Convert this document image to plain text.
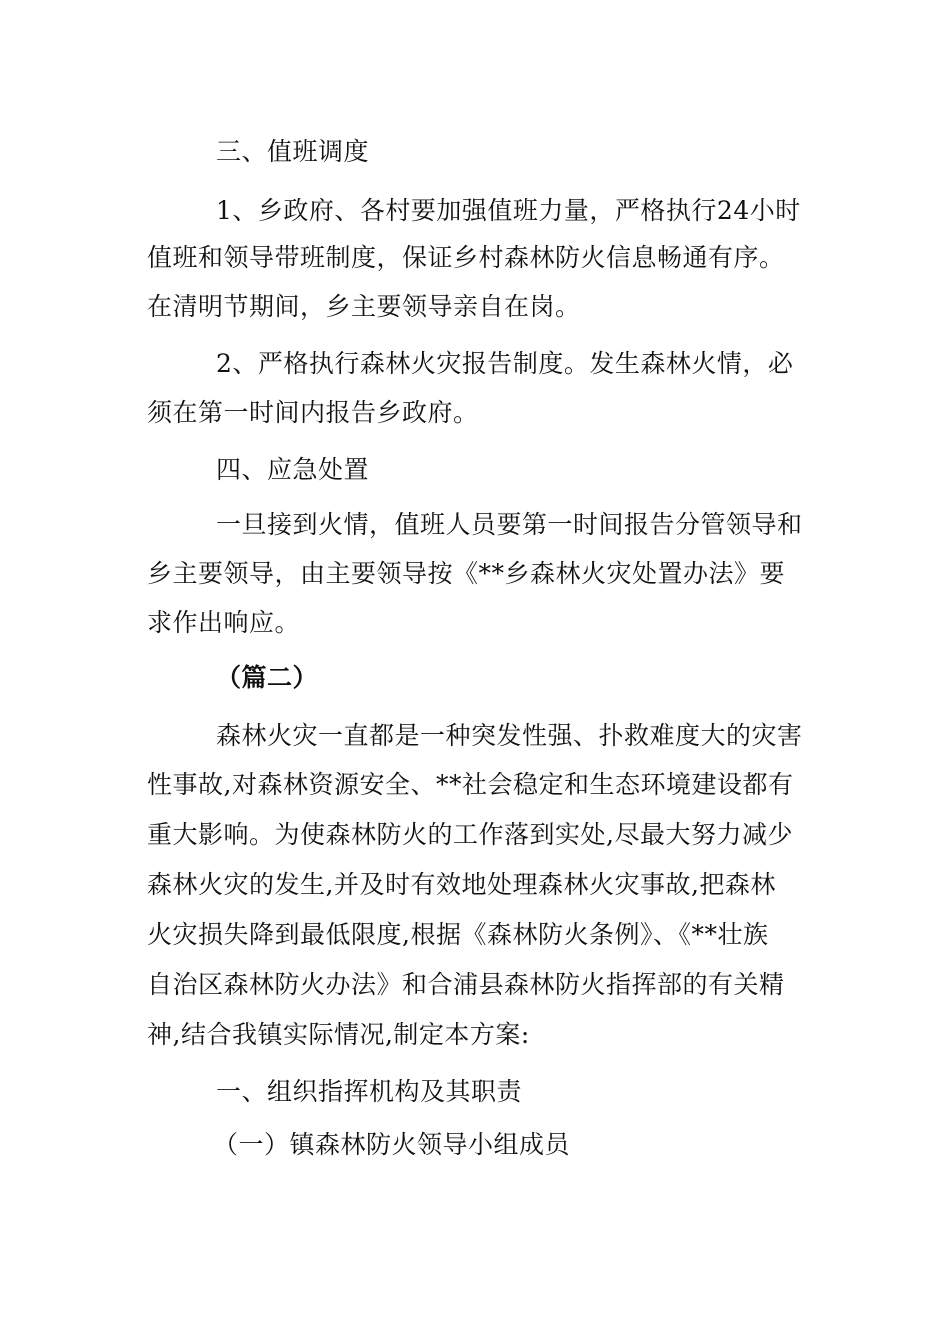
三、值班调度
1、乡政府、各村要加强值班力量，严格执行24小时
值班和领导带班制度，保证乡村森林防火信息畅通有序。
在清明节期间，乡主要领导亲自在岗。
2、严格执行森林火灾报告制度。发生森林火情，必
须在第一时间内报告乡政府。
四、应急处置
一旦接到火情，值班人员要第一时间报告分管领导和
乡主要领导，由主要领导按《**乡森林火灾处置办法》要
求作出响应。
（篇二）
森林火灾一直都是一种突发性强、扑救难度大的灾害
性事故,对森林资源安全、**社会稳定和生态环境建设都有
重大影响。为使森林防火的工作落到实处,尽最大努力减少
森林火灾的发生,并及时有效地处理森林火灾事故,把森林
火灾损失降到最低限度,根据《森林防火条例》、《**壮族
自治区森林防火办法》和合浦县森林防火指挥部的有关精
神,结合我镇实际情况,制定本方案:
一、组织指挥机构及其职责
（一）镇森林防火领导小组成员
